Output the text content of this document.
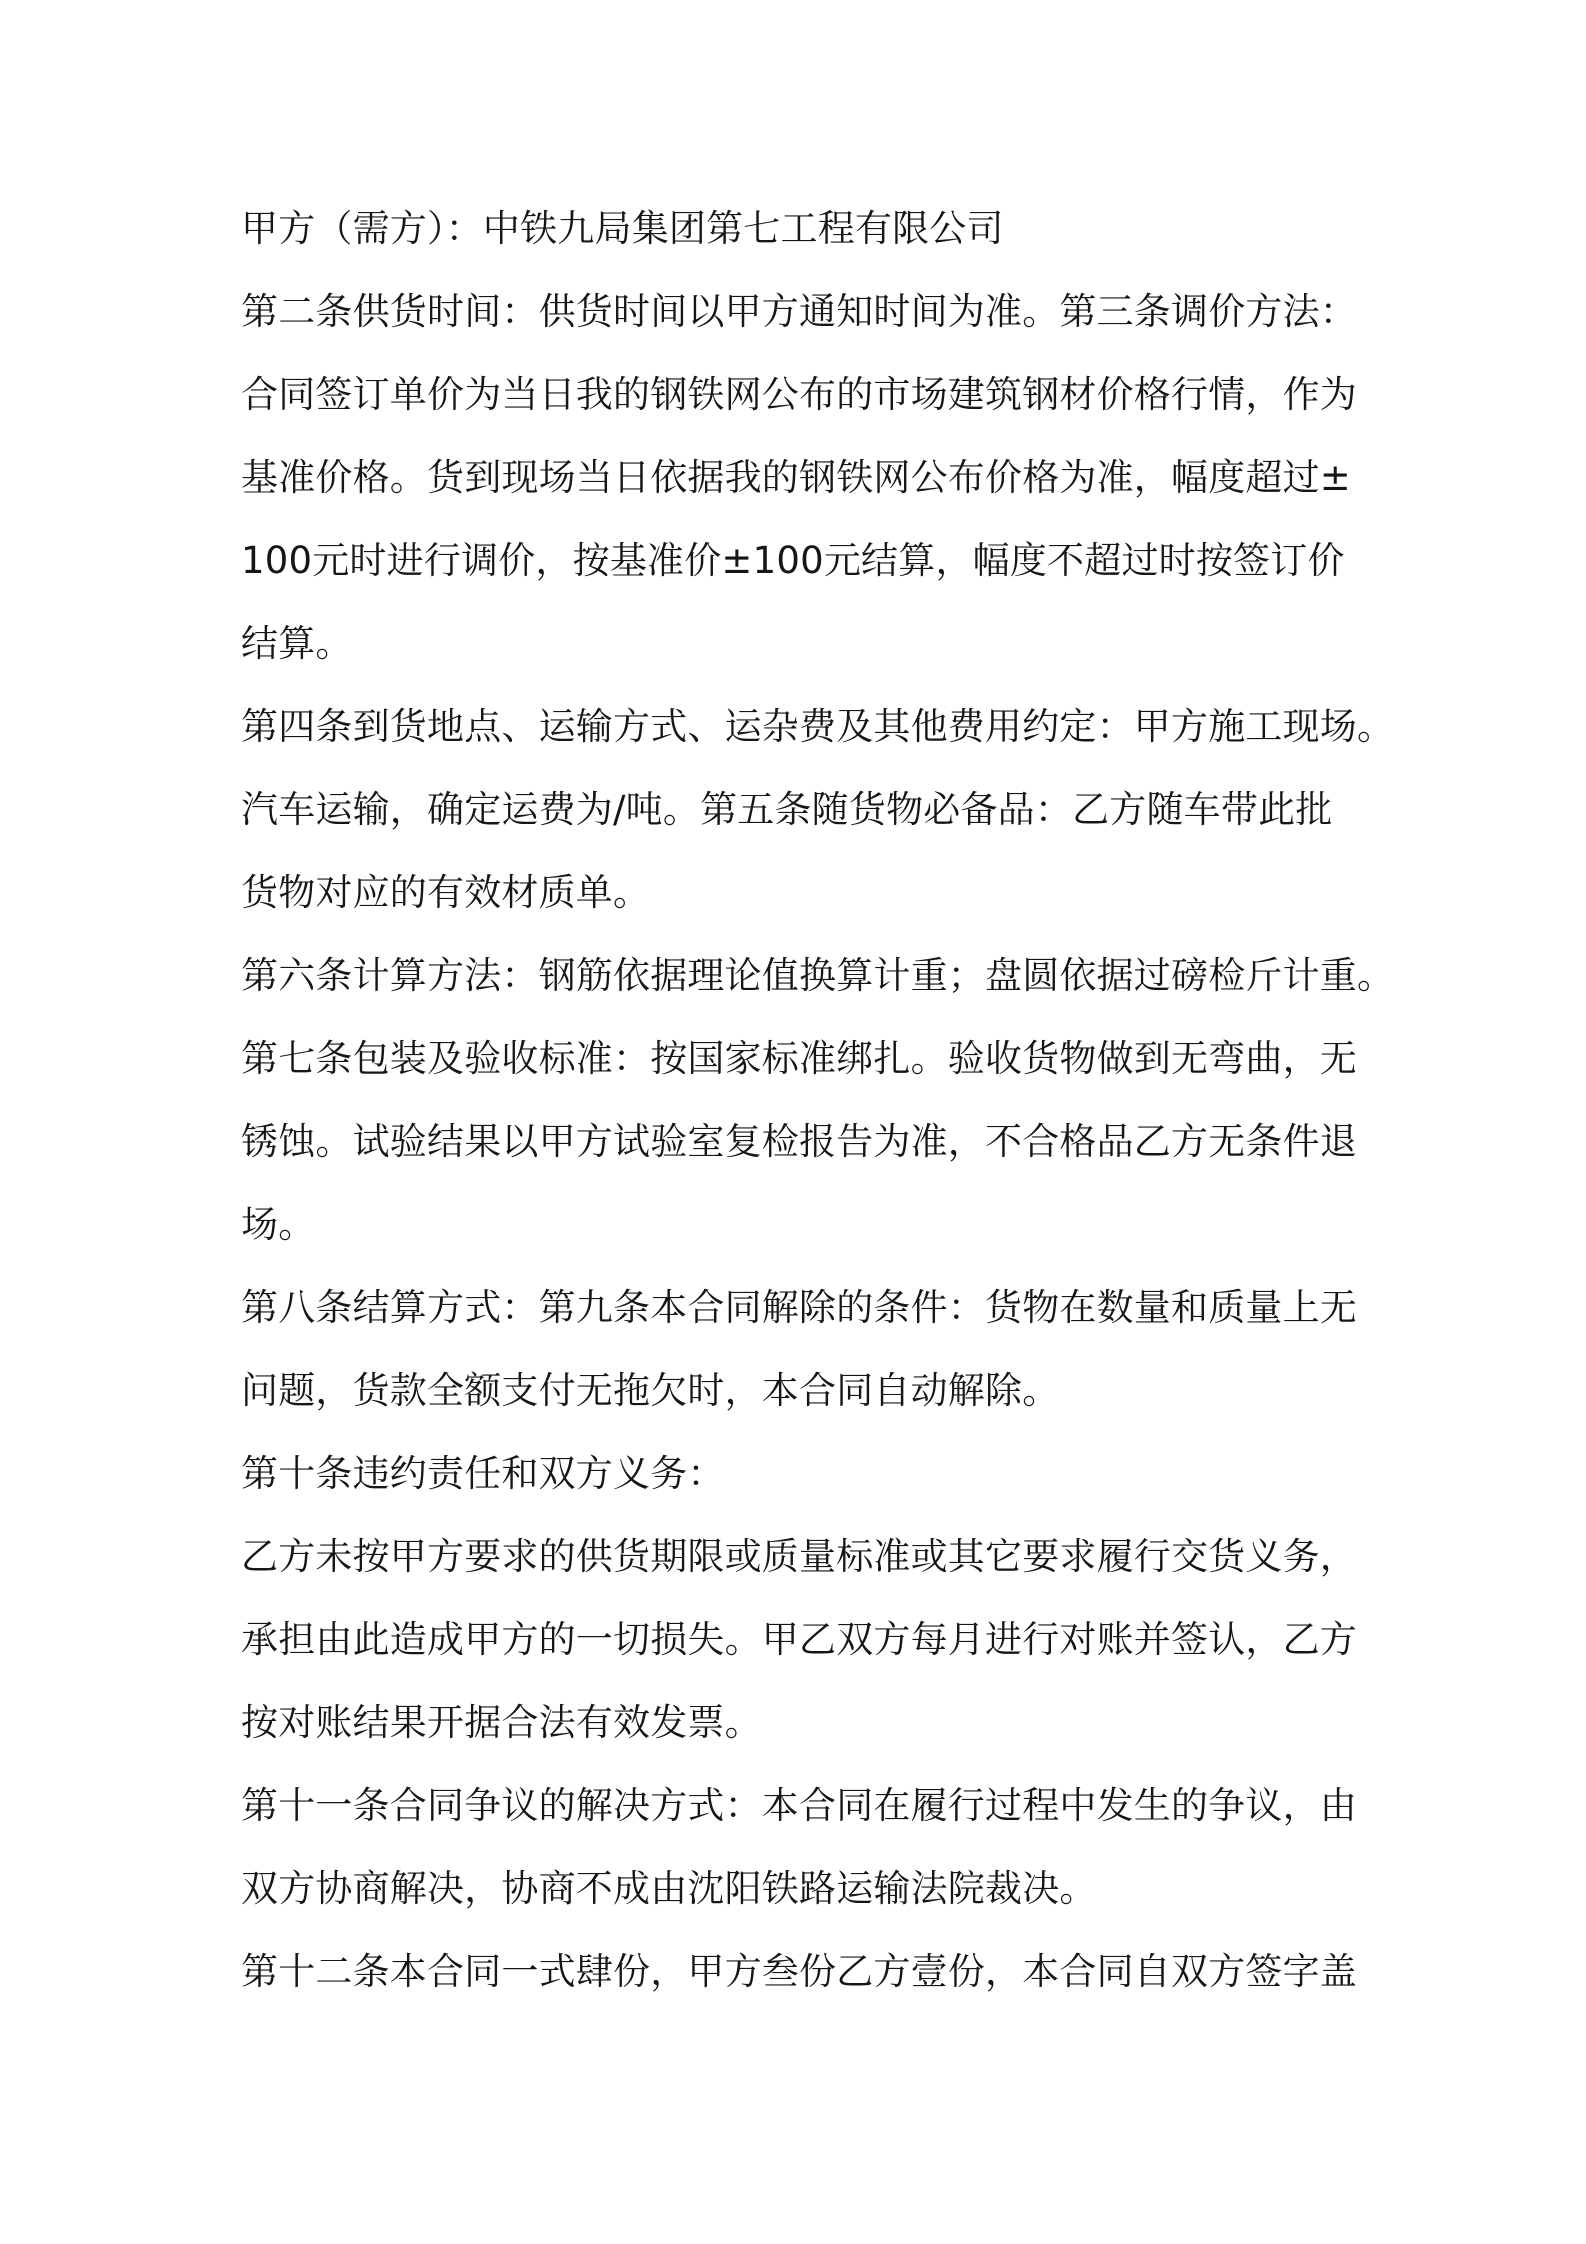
甲方（需方）：中铁九局集团第七工程有限公司
第二条供货时间：供货时间以甲方通知时间为准。第三条调价方法：
合同签订单价为当日我的钢铁网公布的市场建筑钢材价格行情，作为
基准价格。货到现场当日依据我的钢铁网公布价格为准，幅度超过±
100元时进行调价，按基准价±100元结算，幅度不超过时按签订价
结算。
第四条到货地点、运输方式、运杂费及其他费用约定：甲方施工现场。
汽车运输，确定运费为/吨。第五条随货物必备品：乙方随车带此批
货物对应的有效材质单。
第六条计算方法：钢筋依据理论值换算计重；盘圆依据过磅检斤计重。
第七条包装及验收标准：按国家标准绑扎。验收货物做到无弯曲，无
锈蚀。试验结果以甲方试验室复检报告为准，不合格品乙方无条件退
场。
第八条结算方式：第九条本合同解除的条件：货物在数量和质量上无
问题，货款全额支付无拖欠时，本合同自动解除。
第十条违约责任和双方义务：
乙方未按甲方要求的供货期限或质量标准或其它要求履行交货义务，
承担由此造成甲方的一切损失。甲乙双方每月进行对账并签认，乙方
按对账结果开据合法有效发票。
第十一条合同争议的解决方式：本合同在履行过程中发生的争议，由
双方协商解决，协商不成由沈阳铁路运输法院裁决。
第十二条本合同一式肆份，甲方叁份乙方壹份，本合同自双方签字盖
